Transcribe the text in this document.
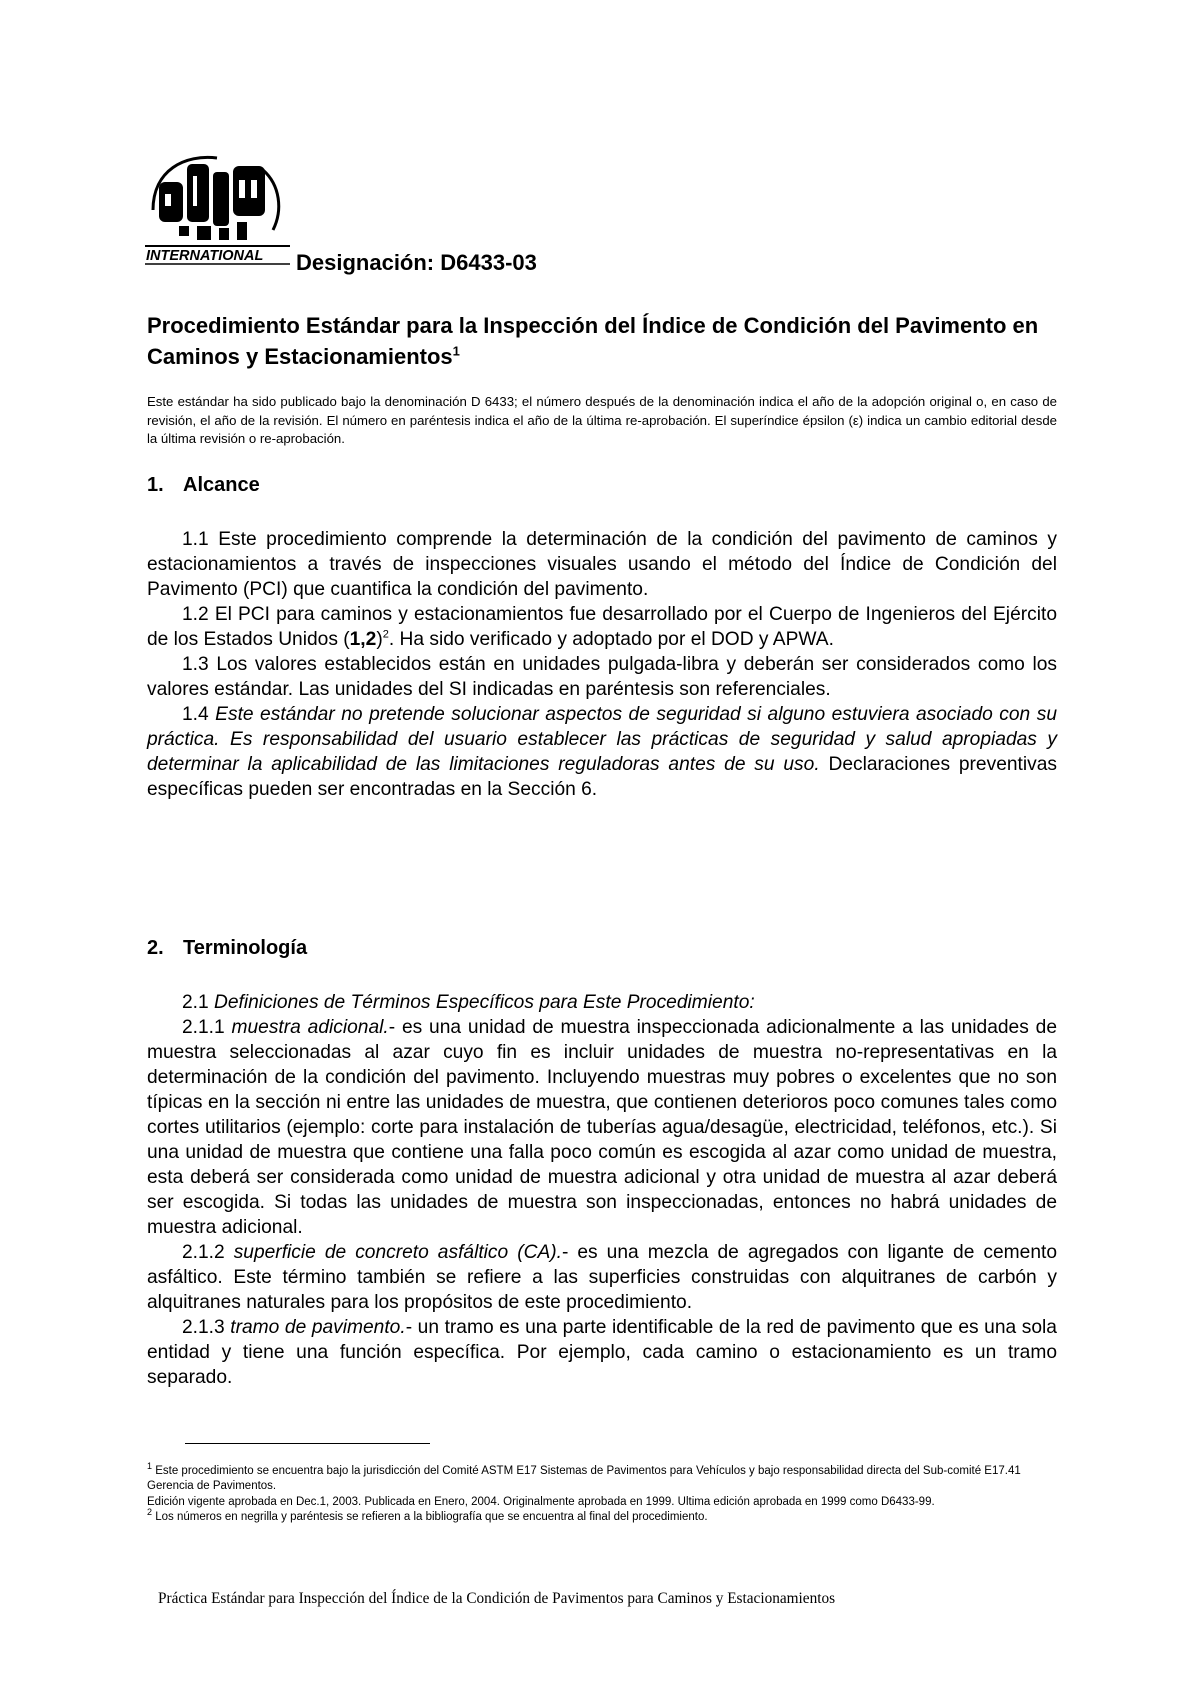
INTERNATIONAL Designación: D6433-03
Procedimiento Estándar para la Inspección del Índice de Condición del Pavimento en Caminos y Estacionamientos$^1$

Este estándar ha sido publicado bajo la denominación D 6433; el número después de la denominación indica el año de la adopción original o, en caso de revisión, el año de la revisión. El número en paréntesis indica el año de la última re-aprobación. El superíndice épsilon (ε) indica un cambio editorial desde la última revisión o re-aprobación.

1. Alcance

1.1 Este procedimiento comprende la determinación de la condición del pavimento de caminos y estacionamientos a través de inspecciones visuales usando el método del Índice de Condición del Pavimento (PCI) que cuantifica la condición del pavimento.

1.2 El PCI para caminos y estacionamientos fue desarrollado por el Cuerpo de Ingenieros del Ejército de los Estados Unidos $(1,2)^2$. Ha sido verificado y adoptado por el DOD y APWA.

1.3 Los valores establecidos están en unidades pulgada-libra y deberán ser considerados como los valores estándar. Las unidades del SI indicadas en paréntesis son referenciales.

1.4 Este estándar no pretende solucionar aspectos de seguridad si alguno estuviera asociado con su práctica. Es responsabilidad del usuario establecer las prácticas de seguridad y salud apropiadas y determinar la aplicabilidad de las limitaciones reguladoras antes de su uso. Declaraciones preventivas específicas pueden ser encontradas en la Sección 6.

2. Terminología

2.1 Definiciones de Términos Específicos para Este Procedimiento:

2.1.1 muestra adicional.- es una unidad de muestra inspeccionada adicionalmente a las unidades de muestra seleccionadas al azar cuyo fin es incluir unidades de muestra no-representativas en la determinación de la condición del pavimento. Incluyendo muestras muy pobres o excelentes que no son típicas en la sección ni entre las unidades de muestra, que contienen deterioros poco comunes tales como cortes utilitarios (ejemplo: corte para instalación de tuberías agua/desagüe, electricidad, teléfonos, etc.). Si una unidad de muestra que contiene una falla poco común es escogida al azar como unidad de muestra, esta deberá ser considerada como unidad de muestra adicional y otra unidad de muestra al azar deberá ser escogida. Si todas las unidades de muestra son inspeccionadas, entonces no habrá unidades de muestra adicional.

2.1.2 superficie de concreto asfáltico (CA).- es una mezcla de agregados con ligante de cemento asfáltico. Este término también se refiere a las superficies construidas con alquitranes de carbón y alquitranes naturales para los propósitos de este procedimiento.

2.1.3 tramo de pavimento.- un tramo es una parte identificable de la red de pavimento que es una sola entidad y tiene una función específica. Por ejemplo, cada camino o estacionamiento es un tramo separado.

$^1$ Este procedimiento se encuentra bajo la jurisdicción del Comité ASTM E17 Sistemas de Pavimentos para Vehículos y bajo responsabilidad directa del Sub-comité E17.41 Gerencia de Pavimentos.

Edición vigente aprobada en Dec.1, 2003. Publicada en Enero, 2004. Originalmente aprobada en 1999. Ultima edición aprobada en 1999 como D6433-99.

$^2$ Los números en negrilla y paréntesis se refieren a la bibliografía que se encuentra al final del procedimiento.

Práctica Estándar para Inspección del Índice de la Condición de Pavimentos para Caminos y Estacionamientos
